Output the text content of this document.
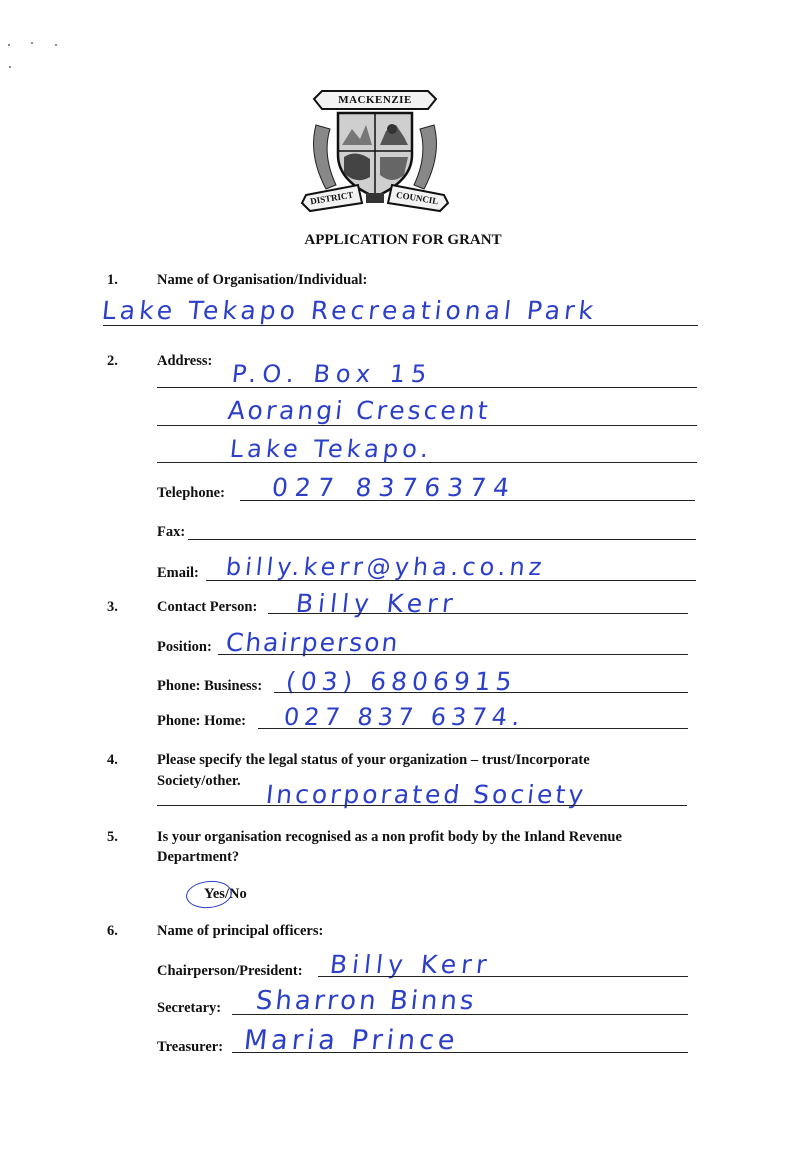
MACKENZIE
DISTRICT	COUNCIL
APPLICATION FOR GRANT
1.	Name of Organisation/Individual:
Lake Tekapo Recreational Park
2.	Address: P.O. Box 15
Aorangi Crescent
Lake Tekapo.
Telephone: 027 8376374
Fax:
Email: billy.kerr@yha.co.nz
3.	Contact Person: Billy Kerr
Position: Chairperson
Phone: Business: (03) 6806915
Phone: Home: 027 837 6374.
4.	Please specify the legal status of your organization – trust/Incorporate
Society/other. Incorporated Society
5.	Is your organisation recognised as a non profit body by the Inland Revenue
Department?
Yes/No
6.	Name of principal officers:
Chairperson/President: Billy Kerr
Secretary: Sharron Binns
Treasurer: Maria Prince
